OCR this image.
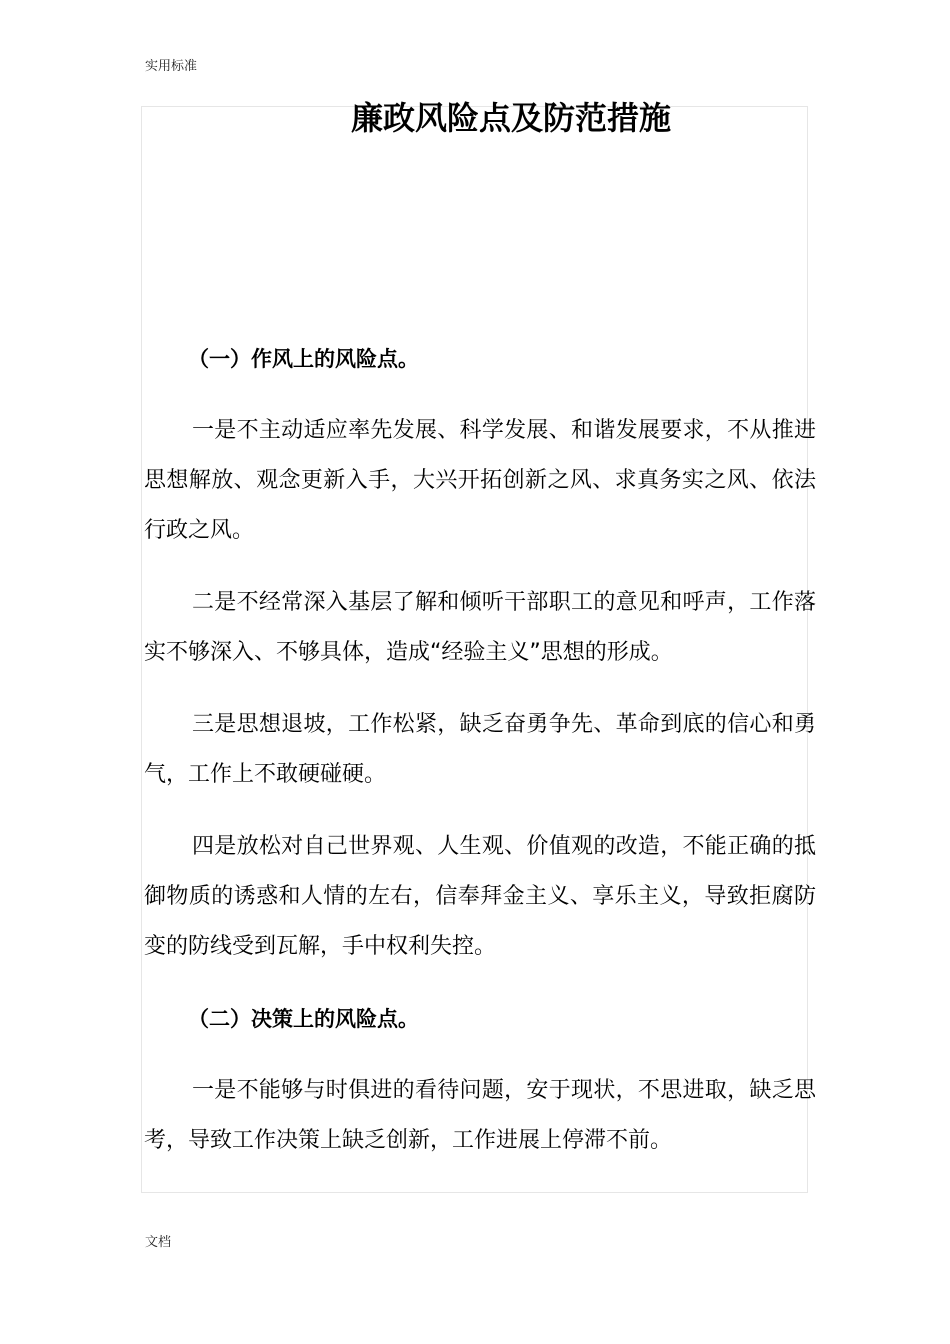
实用标准
廉政风险点及防范措施

（一）作风上的风险点。

一是不主动适应率先发展、科学发展、和谐发展要求，不从推进思想解放、观念更新入手，大兴开拓创新之风、求真务实之风、依法行政之风。

二是不经常深入基层了解和倾听干部职工的意见和呼声，工作落实不够深入、不够具体，造成“经验主义”思想的形成。

三是思想退坡，工作松紧，缺乏奋勇争先、革命到底的信心和勇气，工作上不敢硬碰硬。

四是放松对自己世界观、人生观、价值观的改造，不能正确的抵御物质的诱惑和人情的左右，信奉拜金主义、享乐主义，导致拒腐防变的防线受到瓦解，手中权利失控。

（二）决策上的风险点。

一是不能够与时俱进的看待问题，安于现状，不思进取，缺乏思考，导致工作决策上缺乏创新，工作进展上停滞不前。

文档
